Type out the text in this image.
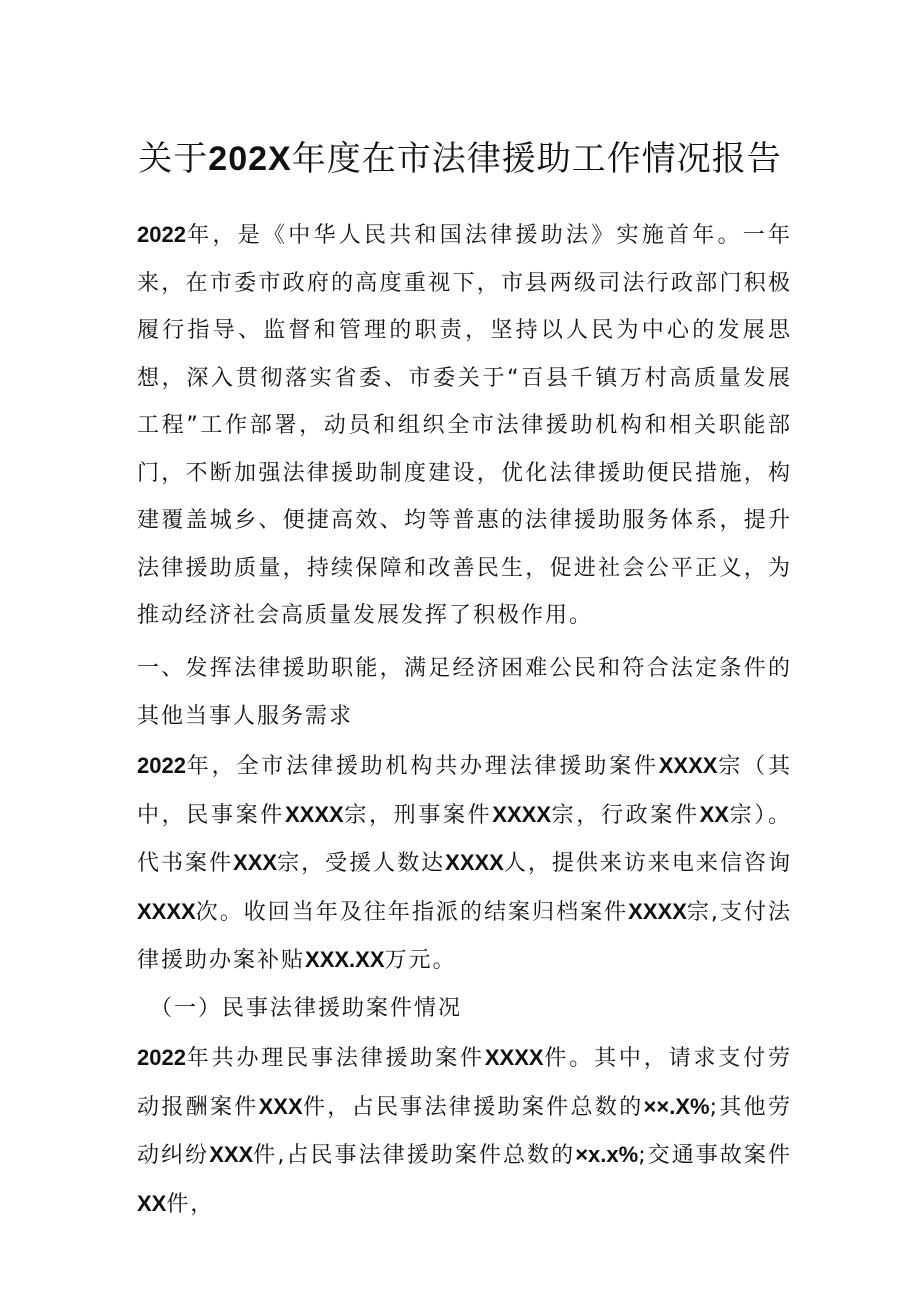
关于202X年度在市法律援助工作情况报告
2022年，是《中华人民共和国法律援助法》实施首年。一年来，在市委市政府的高度重视下，市县两级司法行政部门积极履行指导、监督和管理的职责，坚持以人民为中心的发展思想，深入贯彻落实省委、市委关于“百县千镇万村高质量发展工程”工作部署，动员和组织全市法律援助机构和相关职能部门，不断加强法律援助制度建设，优化法律援助便民措施，构建覆盖城乡、便捷高效、均等普惠的法律援助服务体系，提升法律援助质量，持续保障和改善民生，促进社会公平正义，为推动经济社会高质量发展发挥了积极作用。
一、发挥法律援助职能，满足经济困难公民和符合法定条件的其他当事人服务需求
2022年，全市法律援助机构共办理法律援助案件XXXX宗（其中，民事案件XXXX宗，刑事案件XXXX宗，行政案件XX宗）。代书案件XXX宗，受援人数达XXXX人，提供来访来电来信咨询XXXX次。收回当年及往年指派的结案归档案件XXXX宗,支付法律援助办案补贴XXX.XX万元。
（一）民事法律援助案件情况
2022年共办理民事法律援助案件XXXX件。其中，请求支付劳动报酬案件XXX件，占民事法律援助案件总数的××.X%;其他劳动纠纷XXX件,占民事法律援助案件总数的×x.x%;交通事故案件XX件，
